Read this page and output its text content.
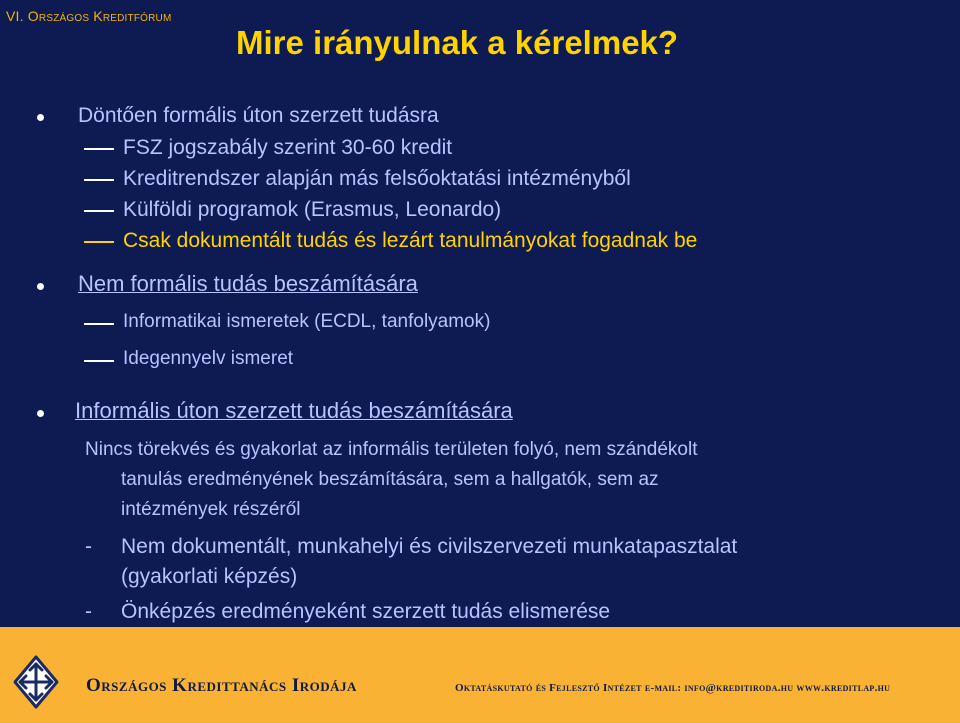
VI. Országos Kreditfórum
Mire irányulnak a kérelmek?
Döntően formális úton szerzett tudásra
FSZ jogszabály szerint 30-60 kredit
Kreditrendszer alapján más felsőoktatási intézményből
Külföldi programok (Erasmus, Leonardo)
Csak dokumentált tudás és lezárt tanulmányokat fogadnak be
Nem formális tudás beszámítására
Informatikai ismeretek (ECDL, tanfolyamok)
Idegennyelv ismeret
Informális úton szerzett tudás beszámítására
Nincs törekvés és gyakorlat az informális területen folyó, nem szándékolt
tanulás eredményének beszámítására, sem a hallgatók, sem az
intézmények részéről
- Nem dokumentált, munkahelyi és civilszervezeti munkatapasztalat
(gyakorlati képzés)
- Önképzés eredményeként szerzett tudás elismerése
Országos Kredittanács Irodája	Oktatáskutató és Fejlesztő Intézet e-mail: info@kreditiroda.hu www.kreditlap.hu
